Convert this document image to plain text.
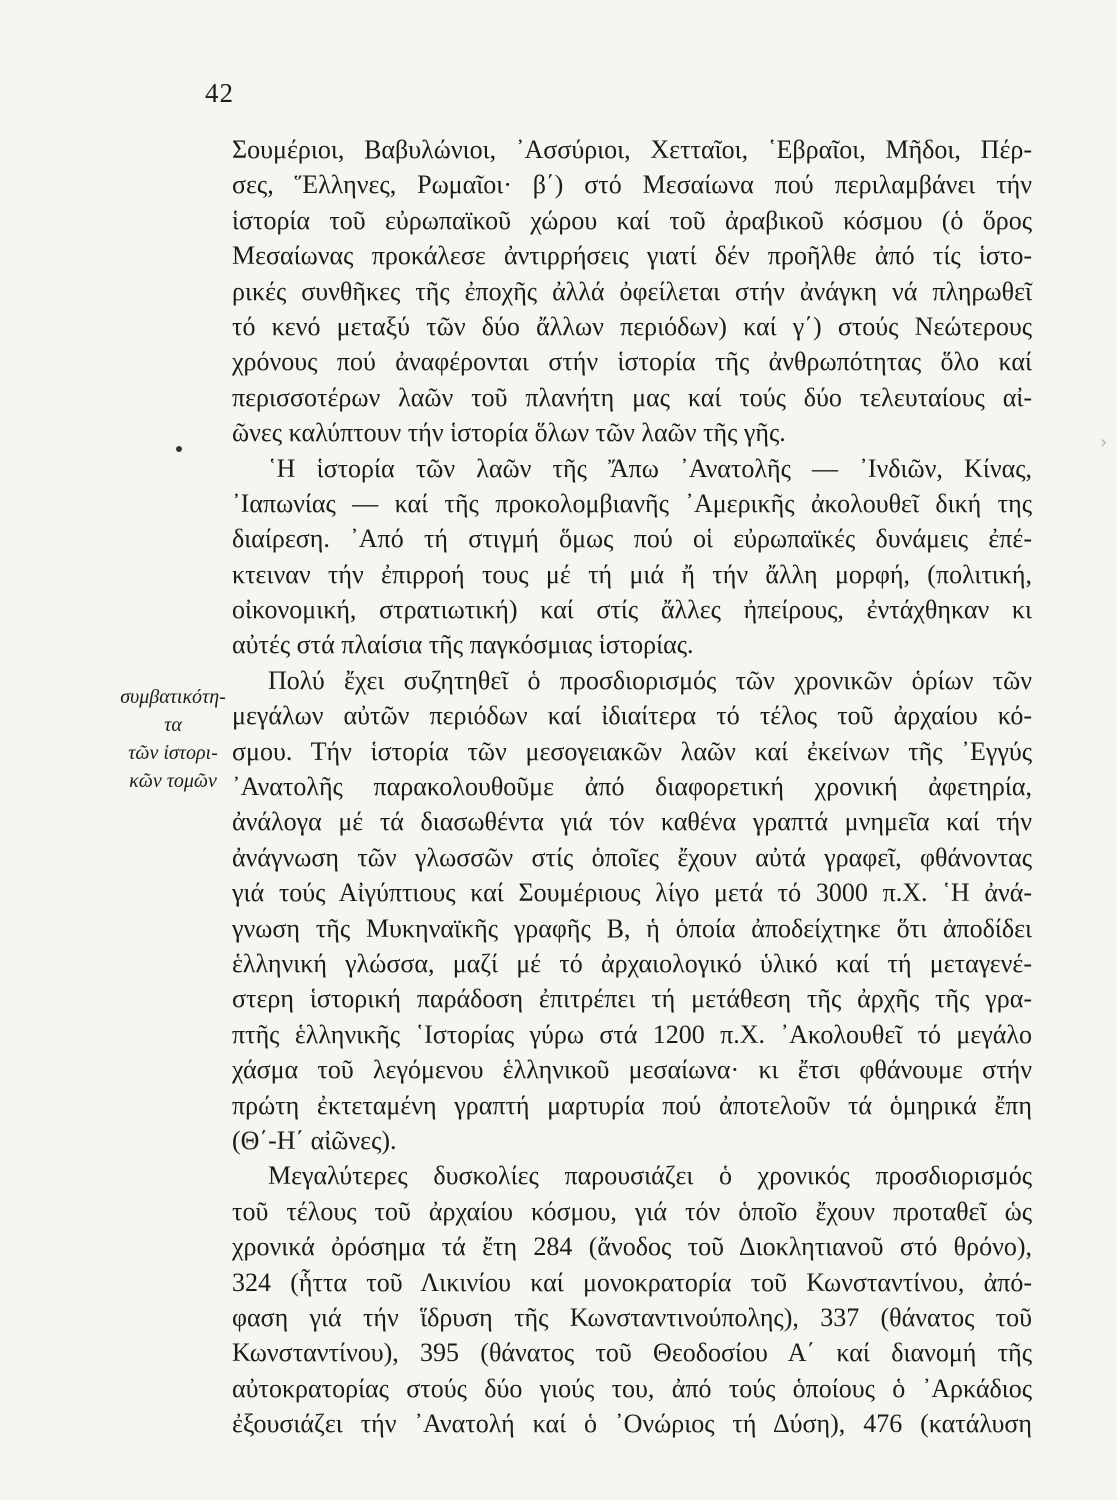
42
›
συμβατικότη-
τα
τῶν ἱστορι-
κῶν τομῶν
Σουμέριοι, Βαβυλώνιοι, ᾿Ασσύριοι, Χετταῖοι, ῾Εβραῖοι, Μῆδοι, Πέρ-
σες, Ἕλληνες, Ρωμαῖοι· β΄) στό Μεσαίωνα πού περιλαμβάνει τήν
ἱστορία τοῦ εὐρωπαϊκοῦ χώρου καί τοῦ ἀραβικοῦ κόσμου (ὁ ὅρος
Μεσαίωνας προκάλεσε ἀντιρρήσεις γιατί δέν προῆλθε ἀπό τίς ἱστο-
ρικές συνθῆκες τῆς ἐποχῆς ἀλλά ὀφείλεται στήν ἀνάγκη νά πληρωθεῖ
τό κενό μεταξύ τῶν δύο ἄλλων περιόδων) καί γ΄) στούς Νεώτερους
χρόνους πού ἀναφέρονται στήν ἱστορία τῆς ἀνθρωπότητας ὅλο καί
περισσοτέρων λαῶν τοῦ πλανήτη μας καί τούς δύο τελευταίους αἰ-
ῶνες καλύπτουν τήν ἱστορία ὅλων τῶν λαῶν τῆς γῆς.
῾Η ἱστορία τῶν λαῶν τῆς Ἄπω ᾿Ανατολῆς — ᾿Ινδιῶν, Κίνας,
᾿Ιαπωνίας — καί τῆς προκολομβιανῆς ᾿Αμερικῆς ἀκολουθεῖ δική της
διαίρεση. ᾿Από τή στιγμή ὅμως πού οἱ εὐρωπαϊκές δυνάμεις ἐπέ-
κτειναν τήν ἐπιρροή τους μέ τή μιά ἤ τήν ἄλλη μορφή, (πολιτική,
οἰκονομική, στρατιωτική) καί στίς ἄλλες ἠπείρους, ἐντάχθηκαν κι
αὐτές στά πλαίσια τῆς παγκόσμιας ἱστορίας.
Πολύ ἔχει συζητηθεῖ ὁ προσδιορισμός τῶν χρονικῶν ὁρίων τῶν
μεγάλων αὐτῶν περιόδων καί ἰδιαίτερα τό τέλος τοῦ ἀρχαίου κό-
σμου. Τήν ἱστορία τῶν μεσογειακῶν λαῶν καί ἐκείνων τῆς ᾿Εγγύς
᾿Ανατολῆς παρακολουθοῦμε ἀπό διαφορετική χρονική ἀφετηρία,
ἀνάλογα μέ τά διασωθέντα γιά τόν καθένα γραπτά μνημεῖα καί τήν
ἀνάγνωση τῶν γλωσσῶν στίς ὁποῖες ἔχουν αὐτά γραφεῖ, φθάνοντας
γιά τούς Αἰγύπτιους καί Σουμέριους λίγο μετά τό 3000 π.Χ. ῾Η ἀνά-
γνωση τῆς Μυκηναϊκῆς γραφῆς Β, ἡ ὁποία ἀποδείχτηκε ὅτι ἀποδίδει
ἑλληνική γλώσσα, μαζί μέ τό ἀρχαιολογικό ὑλικό καί τή μεταγενέ-
στερη ἱστορική παράδοση ἐπιτρέπει τή μετάθεση τῆς ἀρχῆς τῆς γρα-
πτῆς ἑλληνικῆς ῾Ιστορίας γύρω στά 1200 π.Χ. ᾿Ακολουθεῖ τό μεγάλο
χάσμα τοῦ λεγόμενου ἑλληνικοῦ μεσαίωνα· κι ἔτσι φθάνουμε στήν
πρώτη ἐκτεταμένη γραπτή μαρτυρία πού ἀποτελοῦν τά ὁμηρικά ἔπη
(Θ΄-Η΄ αἰῶνες).
Μεγαλύτερες δυσκολίες παρουσιάζει ὁ χρονικός προσδιορισμός
τοῦ τέλους τοῦ ἀρχαίου κόσμου, γιά τόν ὁποῖο ἔχουν προταθεῖ ὡς
χρονικά ὀρόσημα τά ἔτη 284 (ἄνοδος τοῦ Διοκλητιανοῦ στό θρόνο),
324 (ἧττα τοῦ Λικινίου καί μονοκρατορία τοῦ Κωνσταντίνου, ἀπό-
φαση γιά τήν ἵδρυση τῆς Κωνσταντινούπολης), 337 (θάνατος τοῦ
Κωνσταντίνου), 395 (θάνατος τοῦ Θεοδοσίου Α΄ καί διανομή τῆς
αὐτοκρατορίας στούς δύο γιούς του, ἀπό τούς ὁποίους ὁ ᾿Αρκάδιος
ἐξουσιάζει τήν ᾿Ανατολή καί ὁ ᾿Ονώριος τή Δύση), 476 (κατάλυση
